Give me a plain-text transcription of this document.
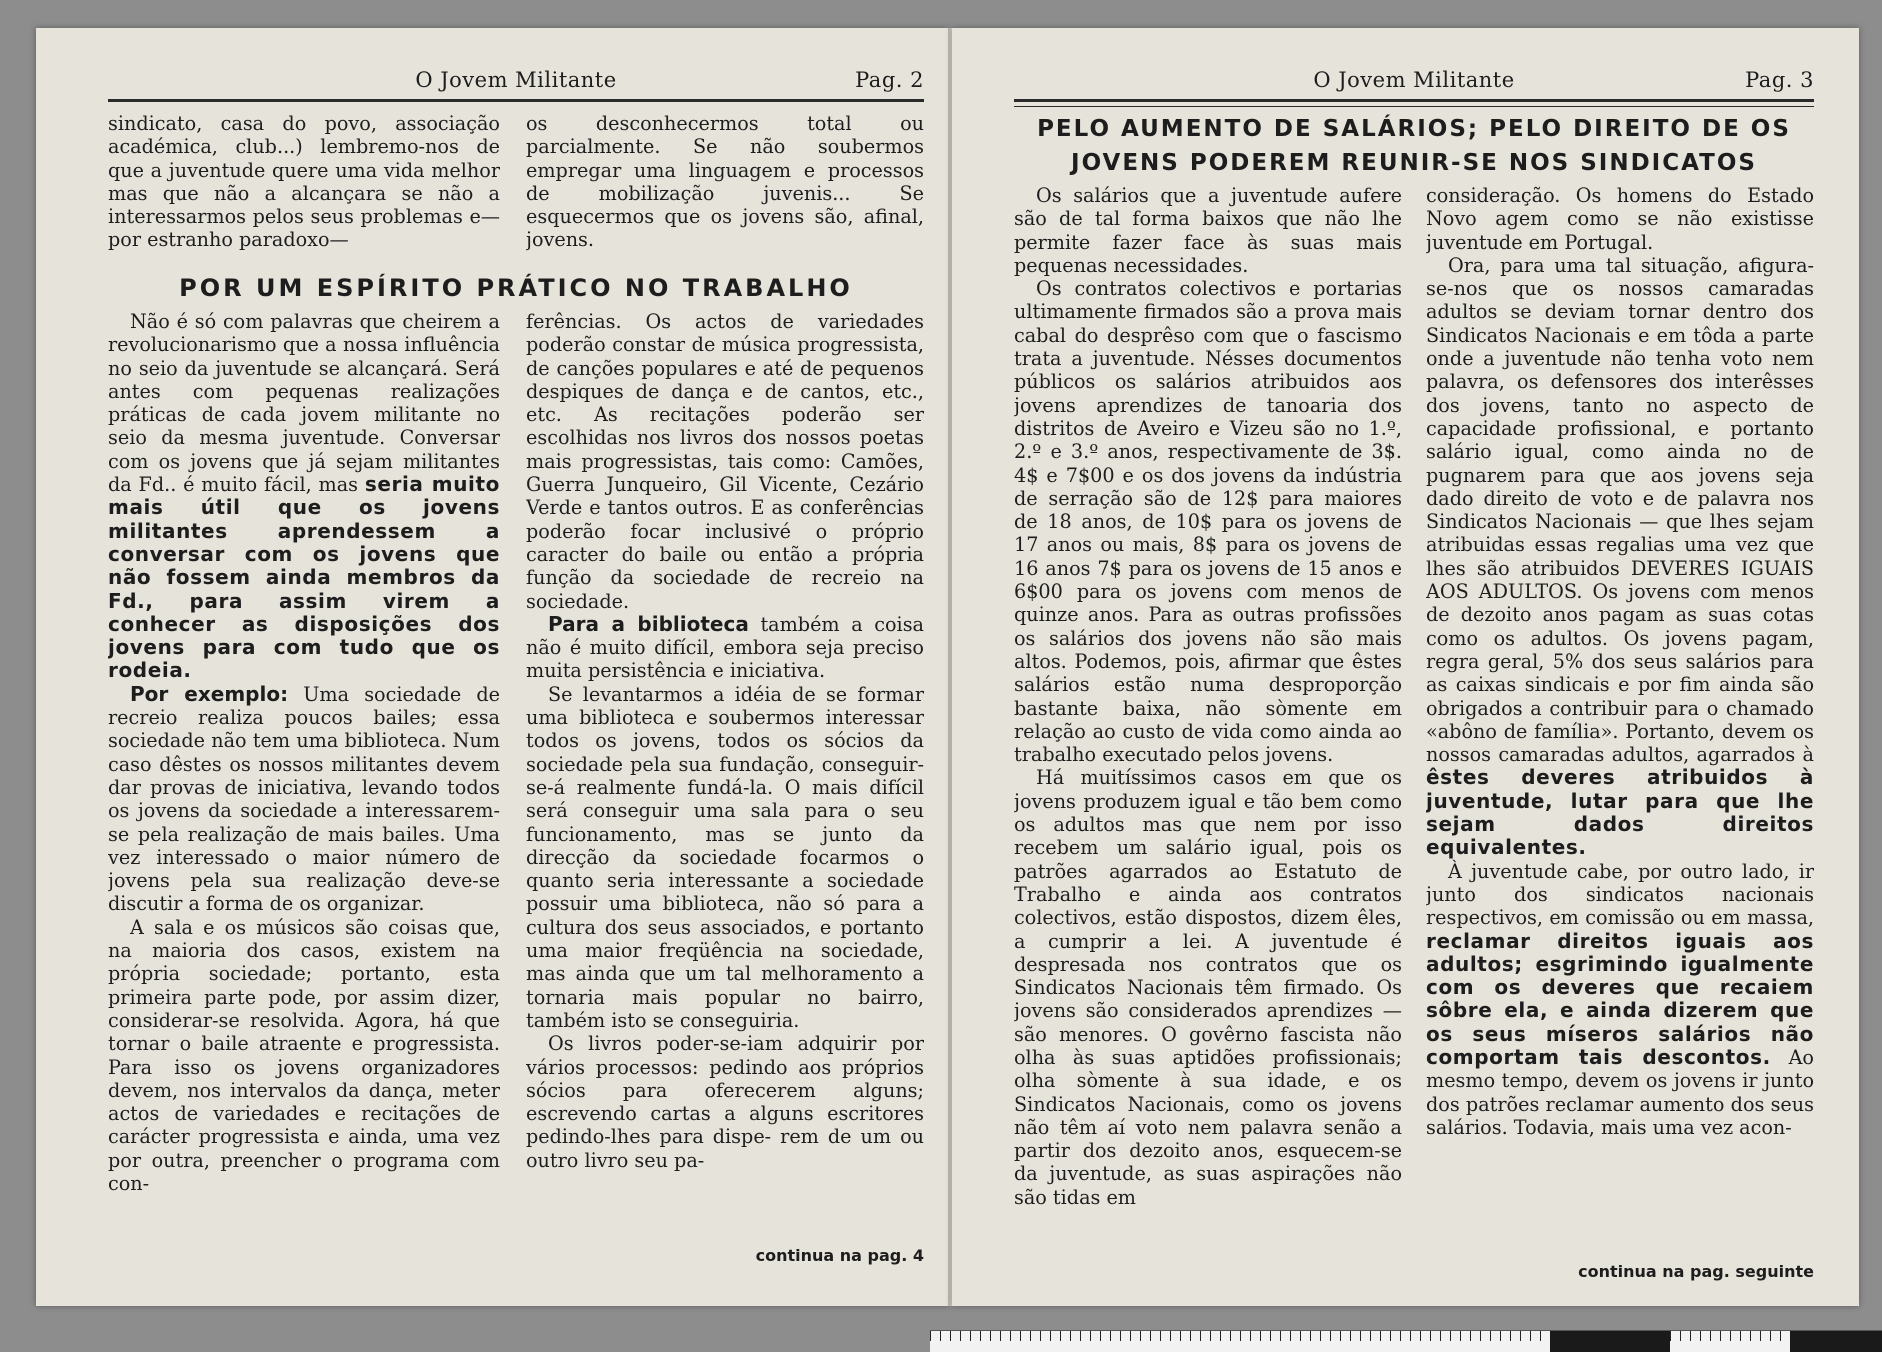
O Jovem Militante	Pag. 2

sindicato, casa do povo, associação académica, club...) lembremo-nos de que a juventude quere uma vida melhor mas que não a alcançara se não a interessarmos pelos seus problemas e—por estranho paradoxo—

os desconhecermos total ou parcialmente. Se não soubermos empregar uma linguagem e processos de mobilização juvenis... Se esquecermos que os jovens são, afinal, jovens.

POR UM ESPÍRITO PRÁTICO NO TRABALHO

Não é só com palavras que cheirem a revolucionarismo que a nossa influência no seio da juventude se alcançará. Será antes com pequenas realizações práticas de cada jovem militante no seio da mesma juventude. Conversar com os jovens que já sejam militantes da Fd.. é muito fácil, mas seria muito mais útil que os jovens militantes aprendessem a conversar com os jovens que não fossem ainda membros da Fd., para assim virem a conhecer as disposições dos jovens para com tudo que os rodeia.

Por exemplo: Uma sociedade de recreio realiza poucos bailes; essa sociedade não tem uma biblioteca. Num caso dêstes os nossos militantes devem dar provas de iniciativa, levando todos os jovens da sociedade a interessarem-se pela realização de mais bailes. Uma vez interessado o maior número de jovens pela sua realização deve-se discutir a forma de os organizar.

A sala e os músicos são coisas que, na maioria dos casos, existem na própria sociedade; portanto, esta primeira parte pode, por assim dizer, considerar-se resolvida. Agora, há que tornar o baile atraente e progressista. Para isso os jovens organizadores devem, nos intervalos da dança, meter actos de variedades e recitações de carácter progressista e ainda, uma vez por outra, preencher o programa com con-

ferências. Os actos de variedades poderão constar de música progressista, de canções populares e até de pequenos despiques de dança e de cantos, etc., etc. As recitações poderão ser escolhidas nos livros dos nossos poetas mais progressistas, tais como: Camões, Guerra Junqueiro, Gil Vicente, Cezário Verde e tantos outros. E as conferências poderão focar inclusivé o próprio caracter do baile ou então a própria função da sociedade de recreio na sociedade.

Para a biblioteca também a coisa não é muito difícil, embora seja preciso muita persistência e iniciativa.

Se levantarmos a idéia de se formar uma biblioteca e soubermos interessar todos os jovens, todos os sócios da sociedade pela sua fundação, conseguir-se-á realmente fundá-la. O mais difícil será conseguir uma sala para o seu funcionamento, mas se junto da direcção da sociedade focarmos o quanto seria interessante a sociedade possuir uma biblioteca, não só para a cultura dos seus associados, e portanto uma maior freqüência na sociedade, mas ainda que um tal melhoramento a tornaria mais popular no bairro, também isto se conseguiria.

Os livros poder-se-iam adquirir por vários processos: pedindo aos próprios sócios para oferecerem alguns; escrevendo cartas a alguns escritores pedindo-lhes para dispe- rem de um ou outro livro seu pa-

continua na pag. 4
O Jovem Militante	Pag. 3
PELO AUMENTO DE SALÁRIOS; PELO DIREITO DE OS
JOVENS PODEREM REUNIR-SE NOS SINDICATOS

Os salários que a juventude aufere são de tal forma baixos que não lhe permite fazer face às suas mais pequenas necessidades.

Os contratos colectivos e portarias ultimamente firmados são a prova mais cabal do desprêso com que o fascismo trata a juventude. Nésses documentos públicos os salários atribuidos aos jovens aprendizes de tanoaria dos distritos de Aveiro e Vizeu são no 1.º, 2.º e 3.º anos, respectivamente de 3$. 4$ e 7$00 e os dos jovens da indústria de serração são de 12$ para maiores de 18 anos, de 10$ para os jovens de 17 anos ou mais, 8$ para os jovens de 16 anos 7$ para os jovens de 15 anos e 6$00 para os jovens com menos de quinze anos. Para as outras profissões os salários dos jovens não são mais altos. Podemos, pois, afirmar que êstes salários estão numa desproporção bastante baixa, não sòmente em relação ao custo de vida como ainda ao trabalho executado pelos jovens.

Há muitíssimos casos em que os jovens produzem igual e tão bem como os adultos mas que nem por isso recebem um salário igual, pois os patrões agarrados ao Estatuto de Trabalho e ainda aos contratos colectivos, estão dispostos, dizem êles, a cumprir a lei. A juventude é despresada nos contratos que os Sindicatos Nacionais têm firmado. Os jovens são considerados aprendizes — são menores. O govêrno fascista não olha às suas aptidões profissionais; olha sòmente à sua idade, e os Sindicatos Nacionais, como os jovens não têm aí voto nem palavra senão a partir dos dezoito anos, esquecem-se da juventude, as suas aspirações não são tidas em

consideração. Os homens do Estado Novo agem como se não existisse juventude em Portugal.

Ora, para uma tal situação, afigura-se-nos que os nossos camaradas adultos se deviam tornar dentro dos Sindicatos Nacionais e em tôda a parte onde a juventude não tenha voto nem palavra, os defensores dos interêsses dos jovens, tanto no aspecto de capacidade profissional, e portanto salário igual, como ainda no de pugnarem para que aos jovens seja dado direito de voto e de palavra nos Sindicatos Nacionais — que lhes sejam atribuidas essas regalias uma vez que lhes são atribuidos DEVERES IGUAIS AOS ADULTOS. Os jovens com menos de dezoito anos pagam as suas cotas como os adultos. Os jovens pagam, regra geral, 5% dos seus salários para as caixas sindicais e por fim ainda são obrigados a contribuir para o chamado «abôno de família». Portanto, devem os nossos camaradas adultos, agarrados à êstes deveres atribuidos à juventude, lutar para que lhe sejam dados direitos equivalentes.

À juventude cabe, por outro lado, ir junto dos sindicatos nacionais respectivos, em comissão ou em massa, reclamar direitos iguais aos adultos; esgrimindo igualmente com os deveres que recaiem sôbre ela, e ainda dizerem que os seus míseros salários não comportam tais descontos. Ao mesmo tempo, devem os jovens ir junto dos patrões reclamar aumento dos seus salários. Todavia, mais uma vez acon-

continua na pag. seguinte
